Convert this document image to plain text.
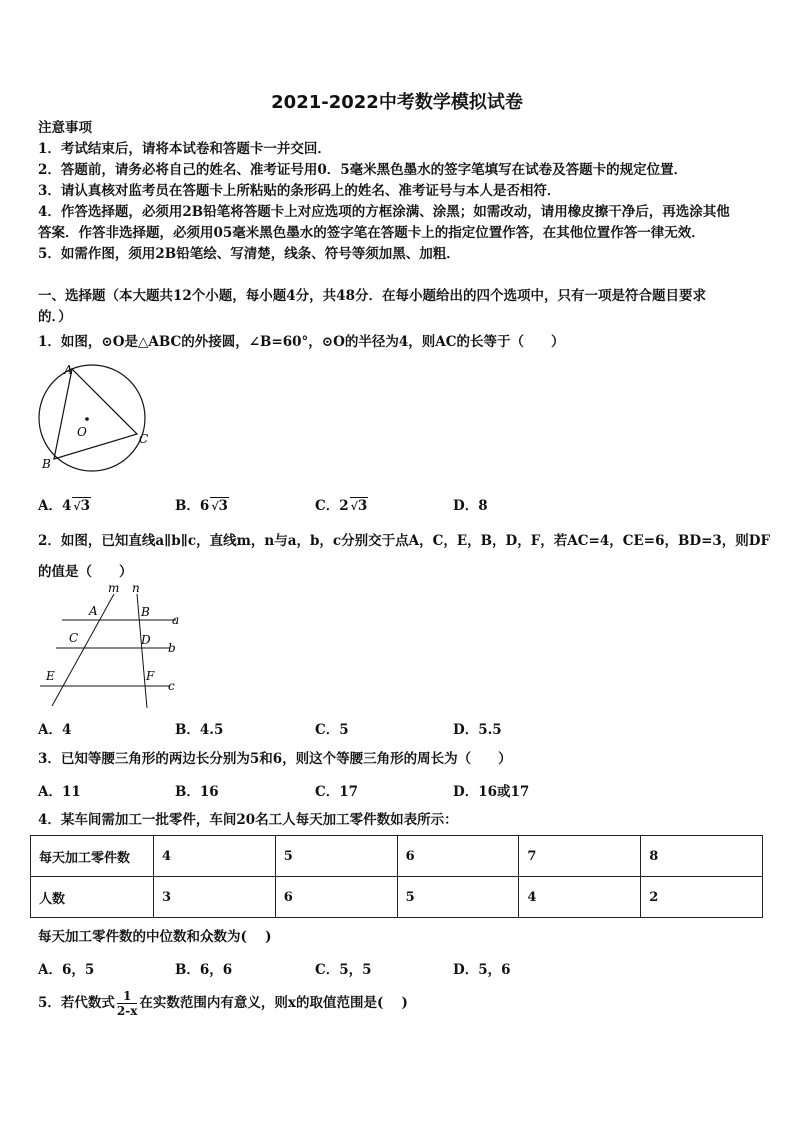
2021-2022中考数学模拟试卷
注意事项
1．考试结束后，请将本试卷和答题卡一并交回．
2．答题前，请务必将自己的姓名、准考证号用0．5毫米黑色墨水的签字笔填写在试卷及答题卡的规定位置．
3．请认真核对监考员在答题卡上所粘贴的条形码上的姓名、准考证号与本人是否相符．
4．作答选择题，必须用2B铅笔将答题卡上对应选项的方框涂满、涂黑；如需改动，请用橡皮擦干净后，再选涂其他
答案．作答非选择题，必须用05毫米黑色墨水的签字笔在答题卡上的指定位置作答，在其他位置作答一律无效．
5．如需作图，须用2B铅笔绘、写清楚，线条、符号等须加黑、加粗．
一、选择题（本大题共12个小题，每小题4分，共48分．在每小题给出的四个选项中，只有一项是符合题目要求
的．）
1．如图，⊙O是△ABC的外接圆，∠B=60°，⊙O的半径为4，则AC的长等于（　　）
A
B
C
O
A．4 √3	B．6 √3	C．2 √3	D．8
2．如图，已知直线a∥b∥c，直线m，n与a，b，c分别交于点A，C，E，B，D，F，若AC=4，CE=6，BD=3，则DF
的值是（　　）
m n
A	B
C	D
E	F
a
b
c
A．4	B．4.5	C．5	D．5.5
3．已知等腰三角形的两边长分别为5和6，则这个等腰三角形的周长为（　　）
A．11	B．16	C．17	D．16或17
4．某车间需加工一批零件，车间20名工人每天加工零件数如表所示：
每天加工零件数	4	5	6	7	8
人数	3	6	5	4	2
每天加工零件数的中位数和众数为(　 )
A．6，5	B．6，6	C．5，5	D．5，6
5．若代数式 $\frac{1}{2-x}$ 在实数范围内有意义，则x的取值范围是(　 )
